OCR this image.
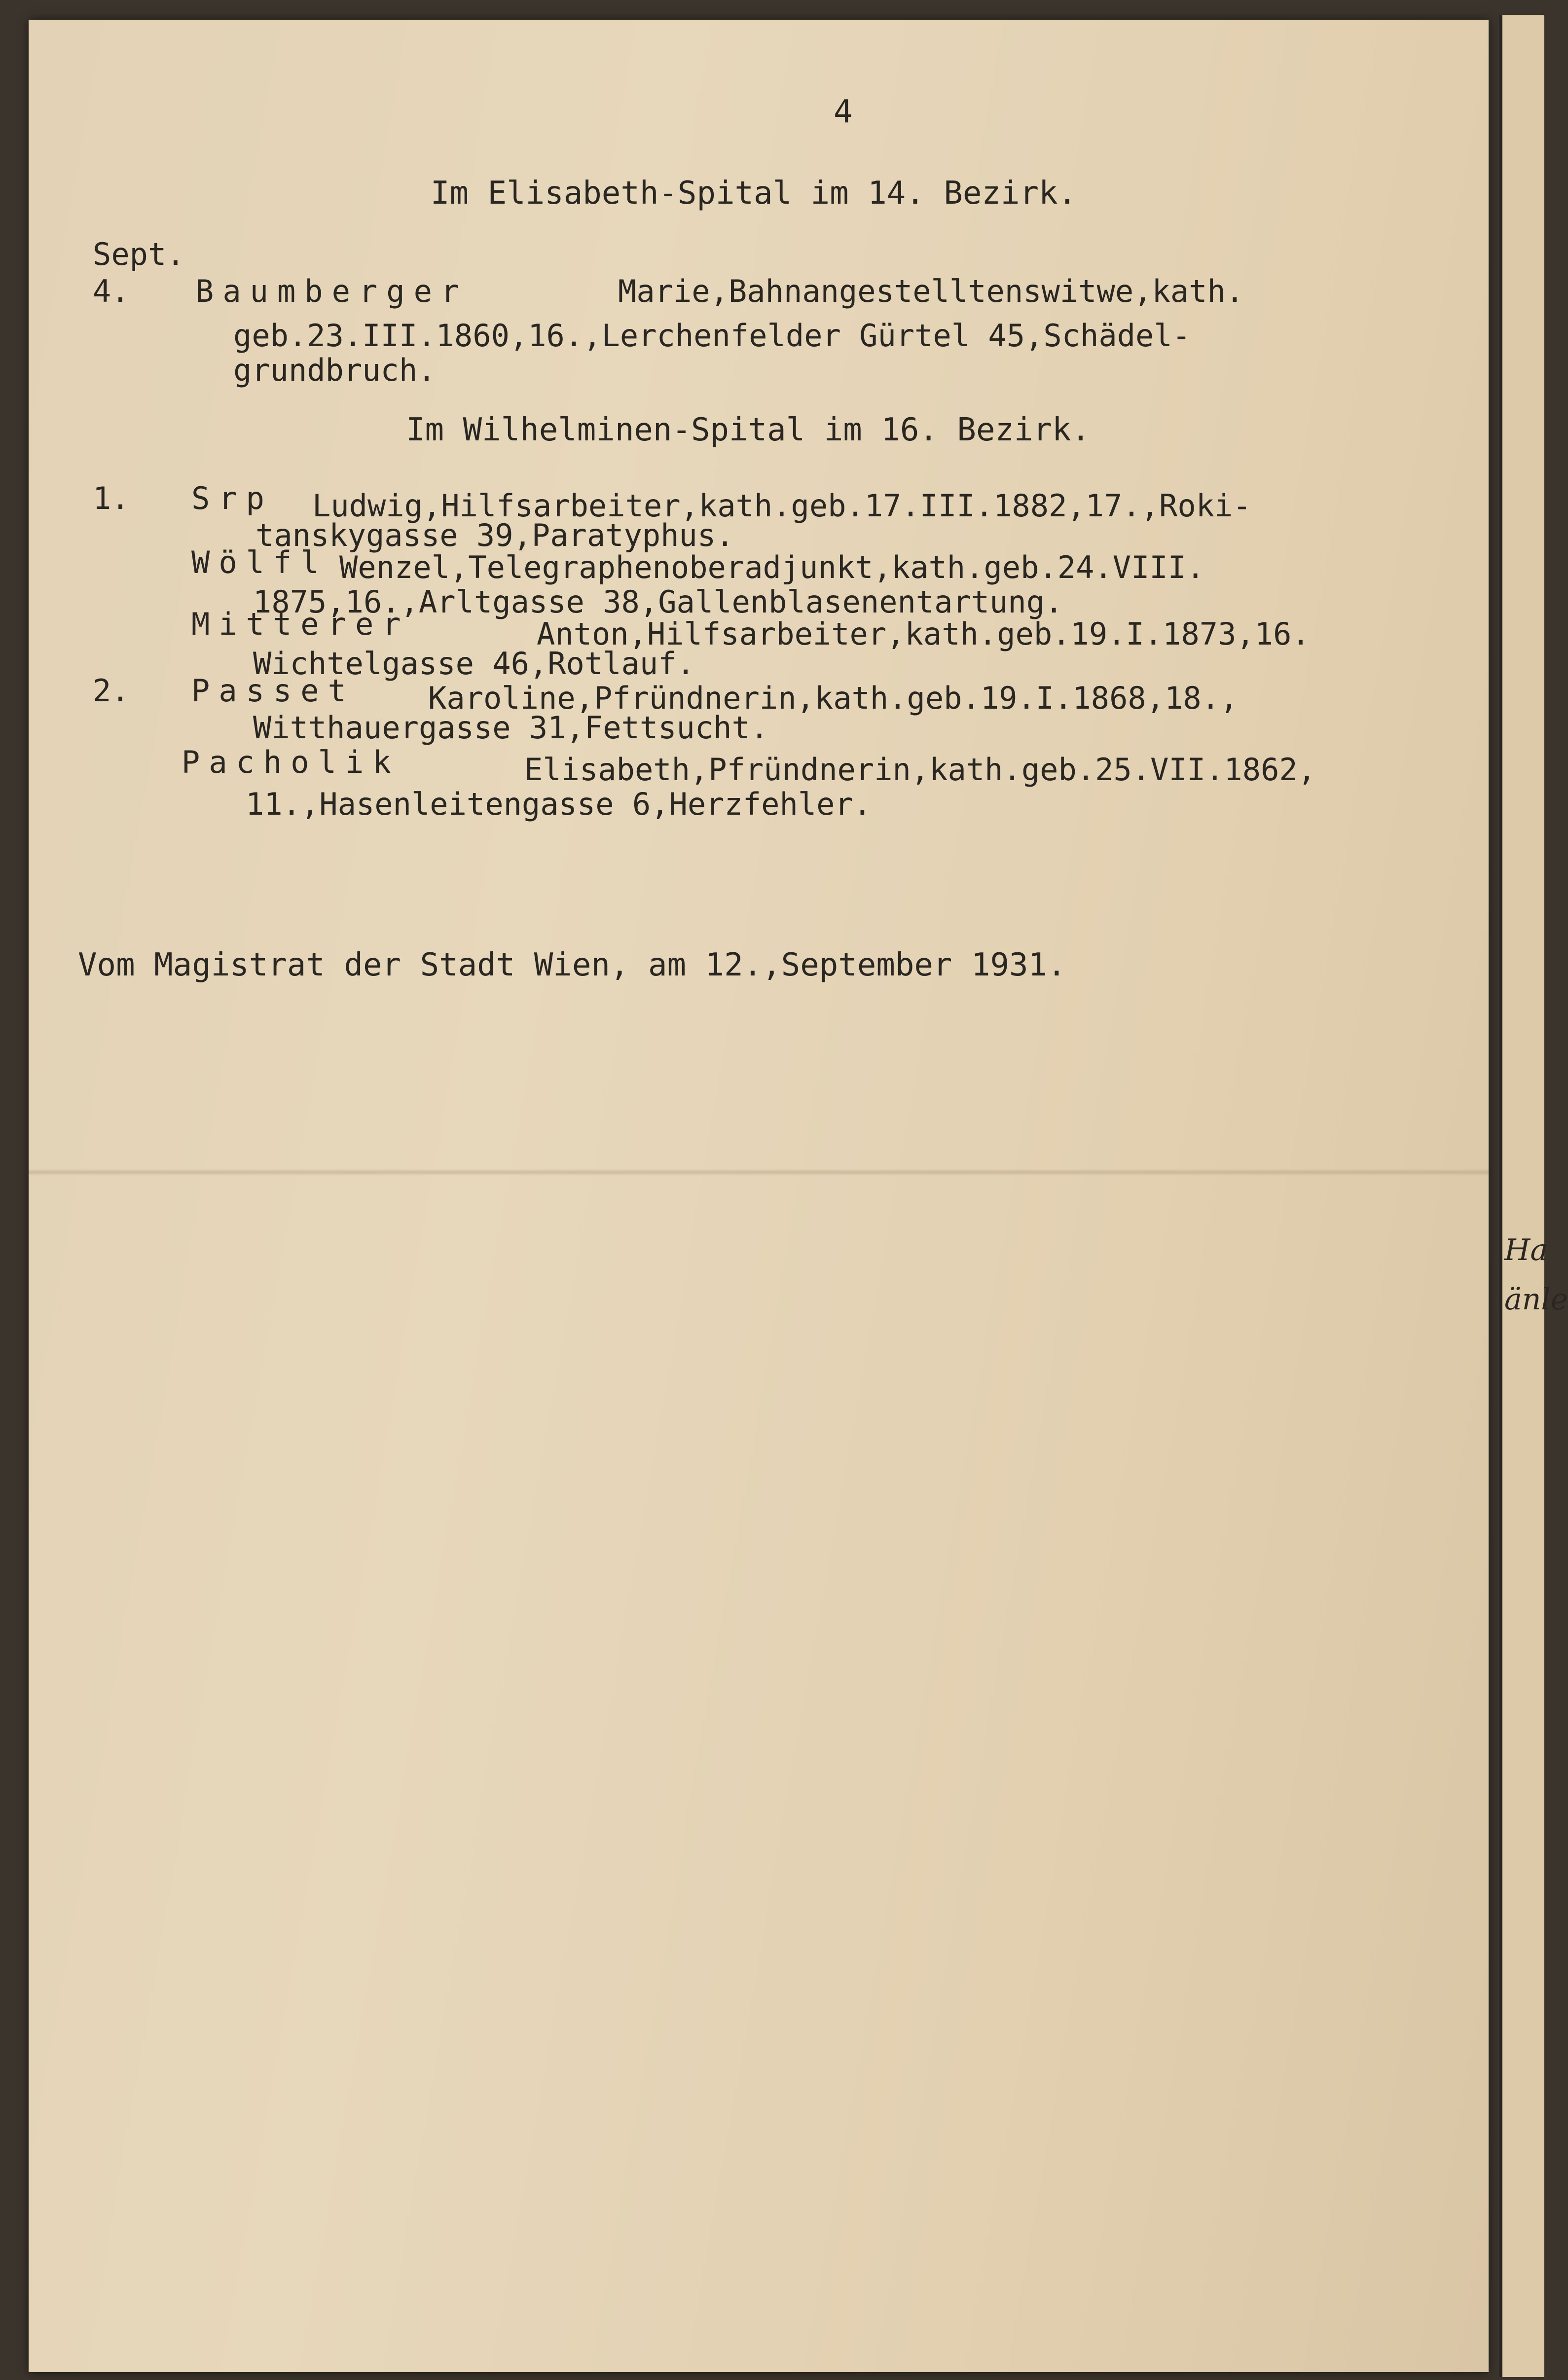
Ha
änle
4
Im Elisabeth-Spital im 14. Bezirk.
Sept.
4. Baumberger	Marie,Bahnangestelltenswitwe,kath.
geb.23.III.1860,16.,Lerchenfelder Gürtel 45,Schädel-
grundbruch.
Im Wilhelminen-Spital im 16. Bezirk.
1. Srp Ludwig,Hilfsarbeiter,kath.geb.17.III.1882,17.,Roki-
tanskygasse 39,Paratyphus.
Wölfl Wenzel,Telegraphenoberadjunkt,kath.geb.24.VIII.
1875,16.,Arltgasse 38,Gallenblasenentartung.
Mitterer	Anton,Hilfsarbeiter,kath.geb.19.I.1873,16.
Wichtelgasse 46,Rotlauf.
2. Passet Karoline,Pfründnerin,kath.geb.19.I.1868,18.,
Witthauergasse 31,Fettsucht.
Pacholik	Elisabeth,Pfründnerin,kath.geb.25.VII.1862,
11.,Hasenleitengasse 6,Herzfehler.
Vom Magistrat der Stadt Wien, am 12.,September 1931.
